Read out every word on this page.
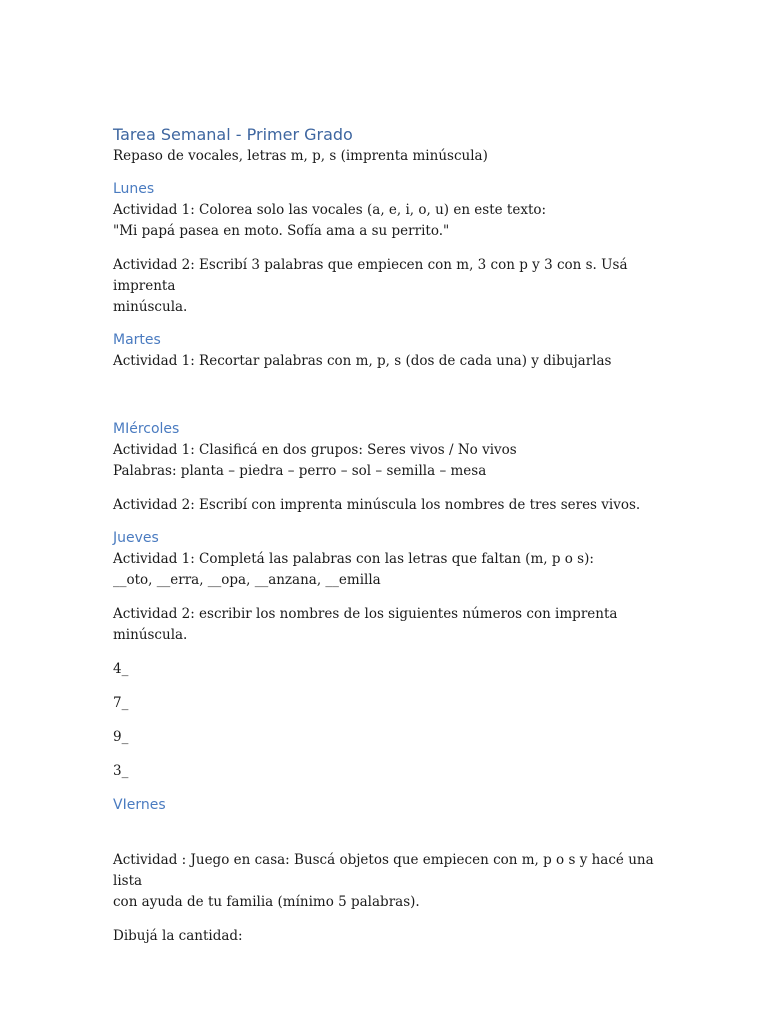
Tarea Semanal - Primer Grado

Repaso de vocales, letras m, p, s (imprenta minúscula)

Lunes

Actividad 1: Colorea solo las vocales (a, e, i, o, u) en este texto:

"Mi papá pasea en moto. Sofía ama a su perrito."

Actividad 2: Escribí 3 palabras que empiecen con m, 3 con p y 3 con s. Usá imprenta

minúscula.

Martes

Actividad 1: Recortar palabras con m, p, s (dos de cada una) y dibujarlas

MIércoles

Actividad 1: Clasificá en dos grupos: Seres vivos / No vivos

Palabras: planta – piedra – perro – sol – semilla – mesa

Actividad 2: Escribí con imprenta minúscula los nombres de tres seres vivos.

Jueves

Actividad 1: Completá las palabras con las letras que faltan (m, p o s):

__oto, __erra, __opa, __anzana, __emilla

Actividad 2: escribir los nombres de los siguientes números con imprenta

minúscula.

4_

7_

9_

3_

VIernes

Actividad : Juego en casa: Buscá objetos que empiecen con m, p o s y hacé una lista

con ayuda de tu familia (mínimo 5 palabras).

Dibujá la cantidad:
